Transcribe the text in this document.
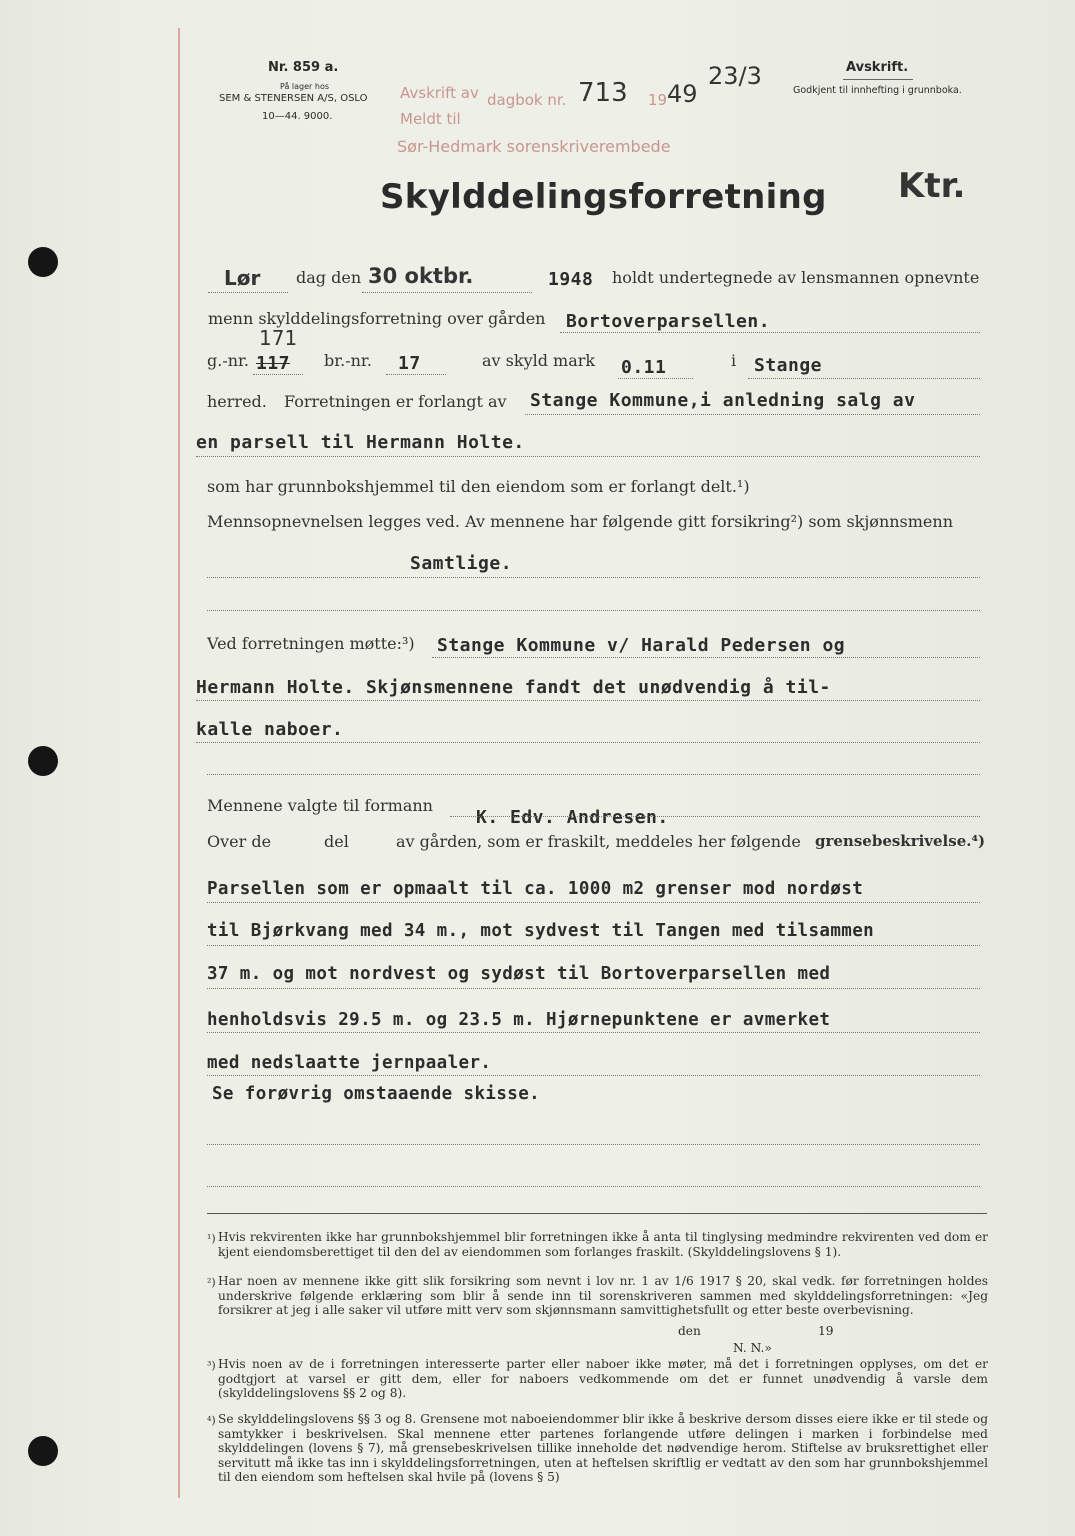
Nr. 859 a.
På lager hos
SEM & STENERSEN A/S, OSLO
10—44. 9000.
Avskrift av dagbok nr. 713 19 49
23/3
Meldt til
Sør-Hedmark sorenskriverembede
Avskrift.
Godkjent til innhefting i grunnboka.
Skylddelingsforretning Ktr.
Lør dag den 30 oktbr.	1948 holdt undertegnede av lensmannen opnevnte
menn skylddelingsforretning over gården Bortoverparsellen.
171
g.-nr. 117 br.-nr. 17	av skyld mark 0.11	i Stange
herred. Forretningen er forlangt av Stange Kommune,i anledning salg av
en parsell til Hermann Holte.
som har grunnbokshjemmel til den eiendom som er forlangt delt.¹)
Mennsopnevnelsen legges ved. Av mennene har følgende gitt forsikring²) som skjønnsmenn
Samtlige.
Ved forretningen møtte:³) Stange Kommune v/ Harald Pedersen og
Hermann Holte. Skjønsmennene fandt det unødvendig å til-
kalle naboer.
Mennene valgte til formann
K. Edv. Andresen.
Over de	del	av gården, som er fraskilt, meddeles her følgende grensebeskrivelse.⁴)
Parsellen som er opmaalt til ca. 1000 m2 grenser mod nordøst
til Bjørkvang med 34 m., mot sydvest til Tangen med tilsammen
37 m. og mot nordvest og sydøst til Bortoverparsellen med
henholdsvis 29.5 m. og 23.5 m. Hjørnepunktene er avmerket
med nedslaatte jernpaaler.
Se forøvrig omstaaende skisse.
¹) Hvis rekvirenten ikke har grunnbokshjemmel blir forretningen ikke å anta til tinglysing medmindre rekvirenten ved dom er kjent eiendomsberettiget til den del av eiendommen som forlanges fraskilt. (Skylddelingslovens § 1).
²) Har noen av mennene ikke gitt slik forsikring som nevnt i lov nr. 1 av 1/6 1917 § 20, skal vedk. før forretningen holdes underskrive følgende erklæring som blir å sende inn til sorenskriveren sammen med skylddelingsforretningen: «Jeg forsikrer at jeg i alle saker vil utføre mitt verv som skjønnsmann samvittighetsfullt og etter beste overbevisning.
den	19
N. N.»
³) Hvis noen av de i forretningen interesserte parter eller naboer ikke møter, må det i forretningen opplyses, om det er godtgjort at varsel er gitt dem, eller for naboers vedkommende om det er funnet unødvendig å varsle dem (skylddelingslovens §§ 2 og 8).
⁴) Se skylddelingslovens §§ 3 og 8. Grensene mot naboeiendommer blir ikke å beskrive dersom disses eiere ikke er til stede og samtykker i beskrivelsen. Skal mennene etter partenes forlangende utføre delingen i marken i forbindelse med skylddelingen (lovens § 7), må grensebeskrivelsen tillike inneholde det nødvendige herom. Stiftelse av bruksrettighet eller servitutt må ikke tas inn i skylddelingsforretningen, uten at heftelsen skriftlig er vedtatt av den som har grunnbokshjemmel til den eiendom som heftelsen skal hvile på (lovens § 5)
